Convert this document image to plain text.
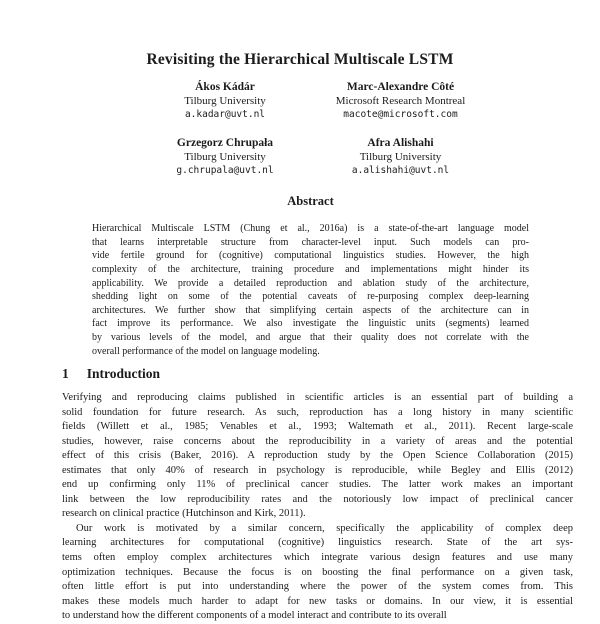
Revisiting the Hierarchical Multiscale LSTM
Ákos Kádár
Tilburg University
a.kadar@uvt.nl
Marc-Alexandre Côté
Microsoft Research Montreal
macote@microsoft.com
Grzegorz Chrupała
Tilburg University
g.chrupala@uvt.nl
Afra Alishahi
Tilburg University
a.alishahi@uvt.nl
Abstract
Hierarchical Multiscale LSTM (Chung et al., 2016a) is a state-of-the-art language model
that learns interpretable structure from character-level input. Such models can pro-
vide fertile ground for (cognitive) computational linguistics studies. However, the high
complexity of the architecture, training procedure and implementations might hinder its
applicability. We provide a detailed reproduction and ablation study of the architecture,
shedding light on some of the potential caveats of re-purposing complex deep-learning
architectures. We further show that simplifying certain aspects of the architecture can in
fact improve its performance. We also investigate the linguistic units (segments) learned
by various levels of the model, and argue that their quality does not correlate with the
overall performance of the model on language modeling.
1 Introduction
Verifying and reproducing claims published in scientific articles is an essential part of building a
solid foundation for future research. As such, reproduction has a long history in many scientific
fields (Willett et al., 1985; Venables et al., 1993; Waltemath et al., 2011). Recent large-scale
studies, however, raise concerns about the reproducibility in a variety of areas and the potential
effect of this crisis (Baker, 2016). A reproduction study by the Open Science Collaboration (2015)
estimates that only 40% of research in psychology is reproducible, while Begley and Ellis (2012)
end up confirming only 11% of preclinical cancer studies. The latter work makes an important
link between the low reproducibility rates and the notoriously low impact of preclinical cancer
research on clinical practice (Hutchinson and Kirk, 2011).
Our work is motivated by a similar concern, specifically the applicability of complex deep
learning architectures for computational (cognitive) linguistics research. State of the art sys-
tems often employ complex architectures which integrate various design features and use many
optimization techniques. Because the focus is on boosting the final performance on a given task,
often little effort is put into understanding where the power of the system comes from. This
makes these models much harder to adapt for new tasks or domains. In our view, it is essential
to understand how the different components of a model interact and contribute to its overall
